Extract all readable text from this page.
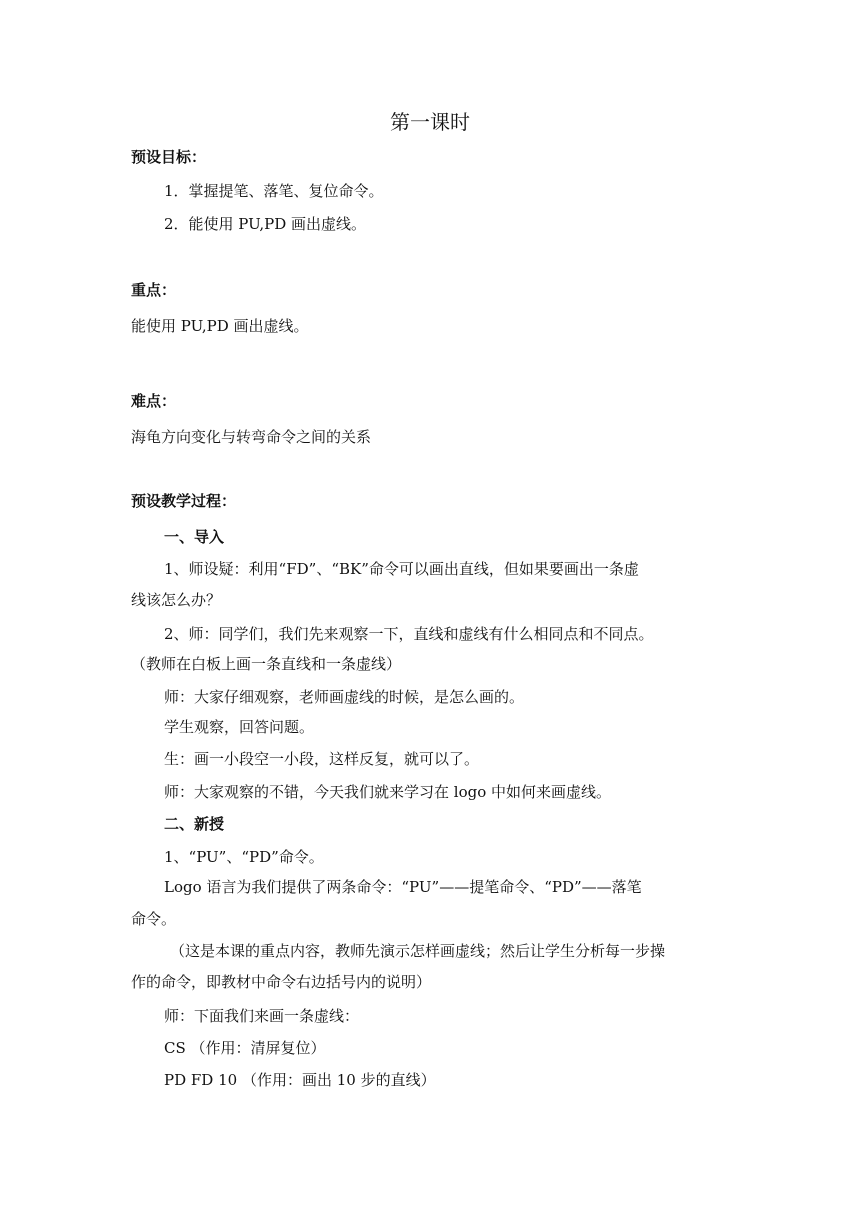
第一课时
预设目标：
1．掌握提笔、落笔、复位命令。
2．能使用 PU,PD 画出虚线。
重点：
能使用 PU,PD 画出虚线。
难点：
海龟方向变化与转弯命令之间的关系
预设教学过程：
一、导入
1、师设疑：利用“FD”、“BK”命令可以画出直线，但如果要画出一条虚
线该怎么办？
2、师：同学们，我们先来观察一下，直线和虚线有什么相同点和不同点。
（教师在白板上画一条直线和一条虚线）
师：大家仔细观察，老师画虚线的时候，是怎么画的。
学生观察，回答问题。
生：画一小段空一小段，这样反复，就可以了。
师：大家观察的不错，今天我们就来学习在 logo 中如何来画虚线。
二、新授
1、“PU”、“PD”命令。
Logo 语言为我们提供了两条命令：“PU”——提笔命令、“PD”——落笔
命令。
（这是本课的重点内容，教师先演示怎样画虚线；然后让学生分析每一步操
作的命令，即教材中命令右边括号内的说明）
师：下面我们来画一条虚线：
CS （作用：清屏复位）
PD FD 10 （作用：画出 10 步的直线）
